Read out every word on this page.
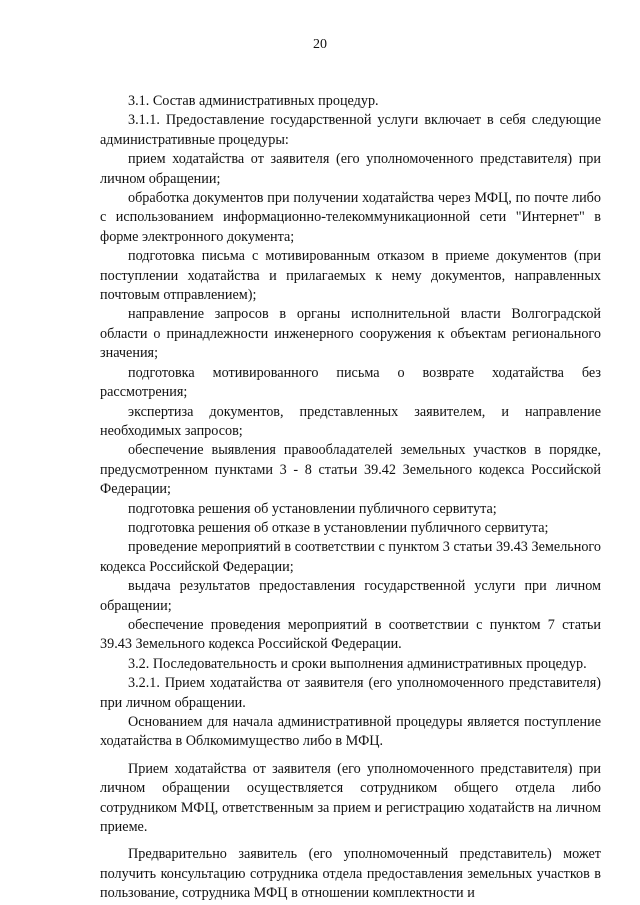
20

3.1. Состав административных процедур.

3.1.1. Предоставление государственной услуги включает в себя следующие административные процедуры:

прием ходатайства от заявителя (его уполномоченного представителя) при личном обращении;

обработка документов при получении ходатайства через МФЦ, по почте либо с использованием информационно-телекоммуникационной сети "Интернет" в форме электронного документа;

подготовка письма с мотивированным отказом в приеме документов (при поступлении ходатайства и прилагаемых к нему документов, направленных почтовым отправлением);

направление запросов в органы исполнительной власти Волгоградской области о принадлежности инженерного сооружения к объектам регионального значения;

подготовка мотивированного письма о возврате ходатайства без рассмотрения;

экспертиза документов, представленных заявителем, и направление необходимых запросов;

обеспечение выявления правообладателей земельных участков в порядке, предусмотренном пунктами 3 - 8 статьи 39.42 Земельного кодекса Российской Федерации;

подготовка решения об установлении публичного сервитута;

подготовка решения об отказе в установлении публичного сервитута;

проведение мероприятий в соответствии с пунктом 3 статьи 39.43 Земельного кодекса Российской Федерации;

выдача результатов предоставления государственной услуги при личном обращении;

обеспечение проведения мероприятий в соответствии с пунктом 7 статьи 39.43 Земельного кодекса Российской Федерации.

3.2. Последовательность и сроки выполнения административных процедур.

3.2.1. Прием ходатайства от заявителя (его уполномоченного представителя) при личном обращении.

Основанием для начала административной процедуры является поступление ходатайства в Облкомимущество либо в МФЦ.

Прием ходатайства от заявителя (его уполномоченного представителя) при личном обращении осуществляется сотрудником общего отдела либо сотрудником МФЦ, ответственным за прием и регистрацию ходатайств на личном приеме.

Предварительно заявитель (его уполномоченный представитель) может получить консультацию сотрудника отдела предоставления земельных участков в пользование, сотрудника МФЦ в отношении комплектности и
